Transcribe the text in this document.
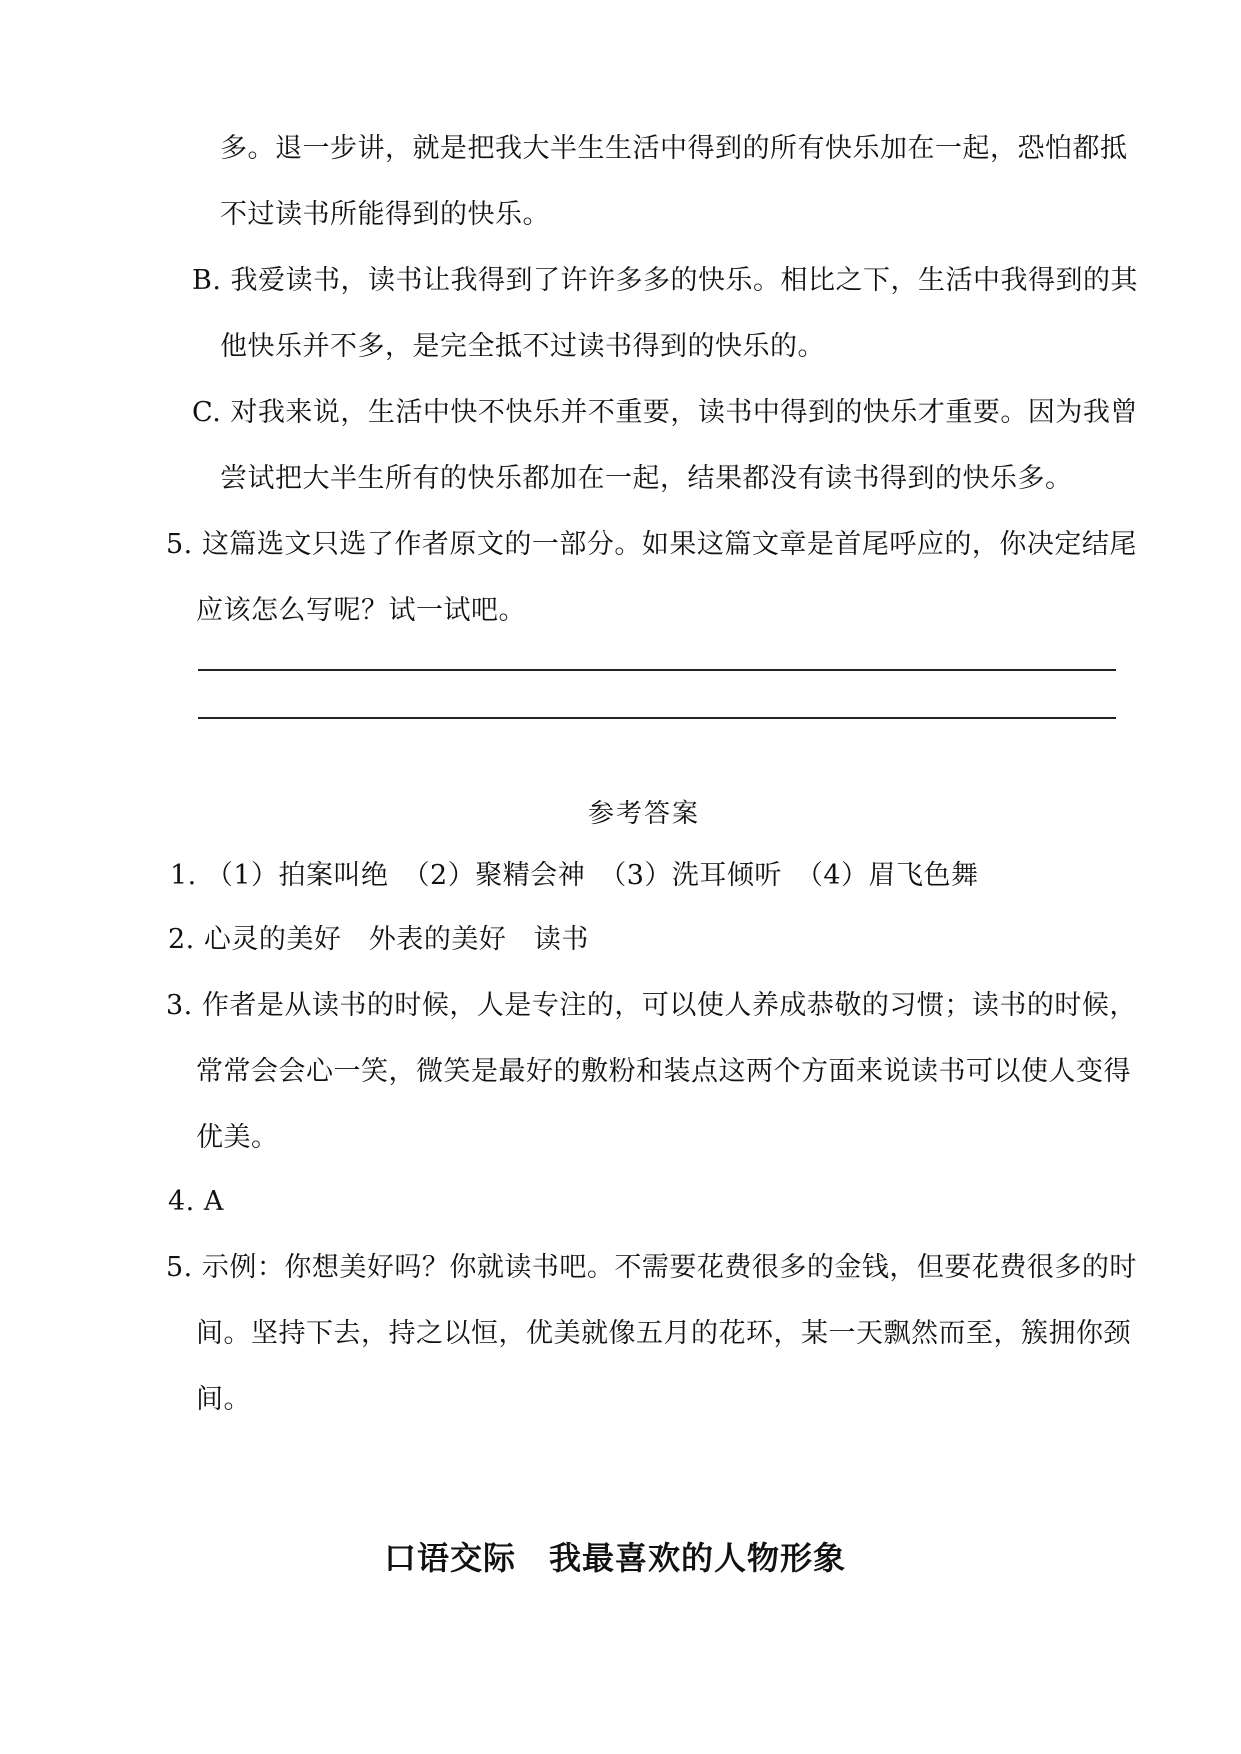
多。退一步讲，就是把我大半生生活中得到的所有快乐加在一起，恐怕都抵
不过读书所能得到的快乐。
B. 我爱读书，读书让我得到了许许多多的快乐。相比之下，生活中我得到的其
他快乐并不多，是完全抵不过读书得到的快乐的。
C. 对我来说，生活中快不快乐并不重要，读书中得到的快乐才重要。因为我曾
尝试把大半生所有的快乐都加在一起，结果都没有读书得到的快乐多。
5. 这篇选文只选了作者原文的一部分。如果这篇文章是首尾呼应的，你决定结尾
应该怎么写呢？试一试吧。
参考答案
1. （1）拍案叫绝　（2）聚精会神　（3）洗耳倾听　（4）眉飞色舞
2. 心灵的美好　外表的美好　读书
3. 作者是从读书的时候，人是专注的，可以使人养成恭敬的习惯；读书的时候，
常常会会心一笑，微笑是最好的敷粉和装点这两个方面来说读书可以使人变得
优美。
4. A
5. 示例：你想美好吗？你就读书吧。不需要花费很多的金钱，但要花费很多的时
间。坚持下去，持之以恒，优美就像五月的花环，某一天飘然而至，簇拥你颈
间。
口语交际　我最喜欢的人物形象
